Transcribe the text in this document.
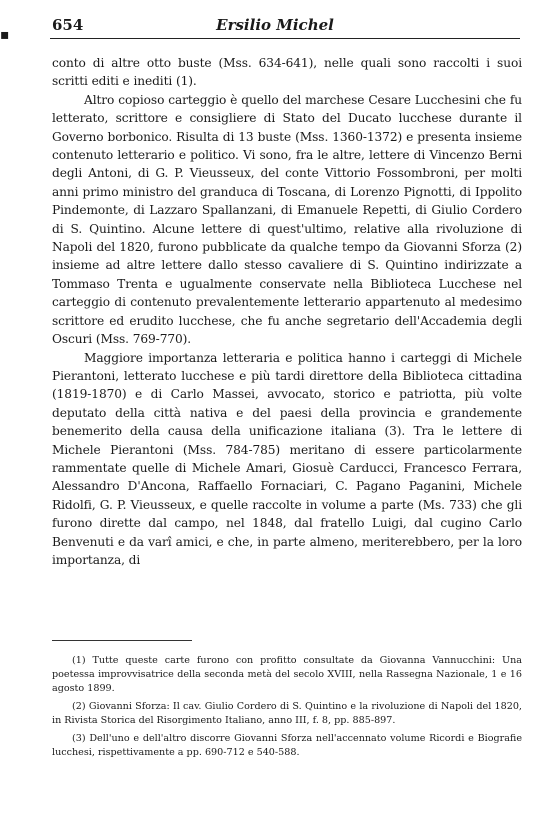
▪
654	Ersilio Michel

conto di altre otto buste (Mss. 634-641), nelle quali sono raccolti i suoi scritti editi e inediti (1).

Altro copioso carteggio è quello del marchese Cesare Lucchesini che fu letterato, scrittore e consigliere di Stato del Ducato lucchese durante il Governo borbonico. Risulta di 13 buste (Mss. 1360-1372) e presenta insieme contenuto letterario e politico. Vi sono, fra le altre, lettere di Vincenzo Berni degli Antoni, di G. P. Vieusseux, del conte Vittorio Fossombroni, per molti anni primo ministro del granduca di Toscana, di Lorenzo Pignotti, di Ippolito Pindemonte, di Lazzaro Spallanzani, di Emanuele Repetti, di Giulio Cordero di S. Quintino. Alcune lettere di quest'ultimo, relative alla rivoluzione di Napoli del 1820, furono pubblicate da qualche tempo da Giovanni Sforza (2) insieme ad altre lettere dallo stesso cavaliere di S. Quintino indirizzate a Tommaso Trenta e ugualmente conservate nella Biblioteca Lucchese nel carteggio di contenuto prevalentemente letterario appartenuto al medesimo scrittore ed erudito lucchese, che fu anche segretario dell'Accademia degli Oscuri (Mss. 769-770).

Maggiore importanza letteraria e politica hanno i carteggi di Michele Pierantoni, letterato lucchese e più tardi direttore della Biblioteca cittadina (1819-1870) e di Carlo Massei, avvocato, storico e patriotta, più volte deputato della città nativa e del paesi della provincia e grandemente benemerito della causa della unificazione italiana (3). Tra le lettere di Michele Pierantoni (Mss. 784-785) meritano di essere particolarmente rammentate quelle di Michele Amari, Giosuè Carducci, Francesco Ferrara, Alessandro D'Ancona, Raffaello Fornaciari, C. Pagano Paganini, Michele Ridolfi, G. P. Vieusseux, e quelle raccolte in volume a parte (Ms. 733) che gli furono dirette dal campo, nel 1848, dal fratello Luigi, dal cugino Carlo Benvenuti e da varî amici, e che, in parte almeno, meriterebbero, per la loro importanza, di

(1) Tutte queste carte furono con profitto consultate da Giovanna Vannucchini: Una poetessa improvvisatrice della seconda metà del secolo XVIII, nella Rassegna Nazionale, 1 e 16 agosto 1899.

(2) Giovanni Sforza: Il cav. Giulio Cordero di S. Quintino e la rivoluzione di Napoli del 1820, in Rivista Storica del Risorgimento Italiano, anno III, f. 8, pp. 885-897.

(3) Dell'uno e dell'altro discorre Giovanni Sforza nell'accennato volume Ricordi e Biografie lucchesi, rispettivamente a pp. 690-712 e 540-588.
